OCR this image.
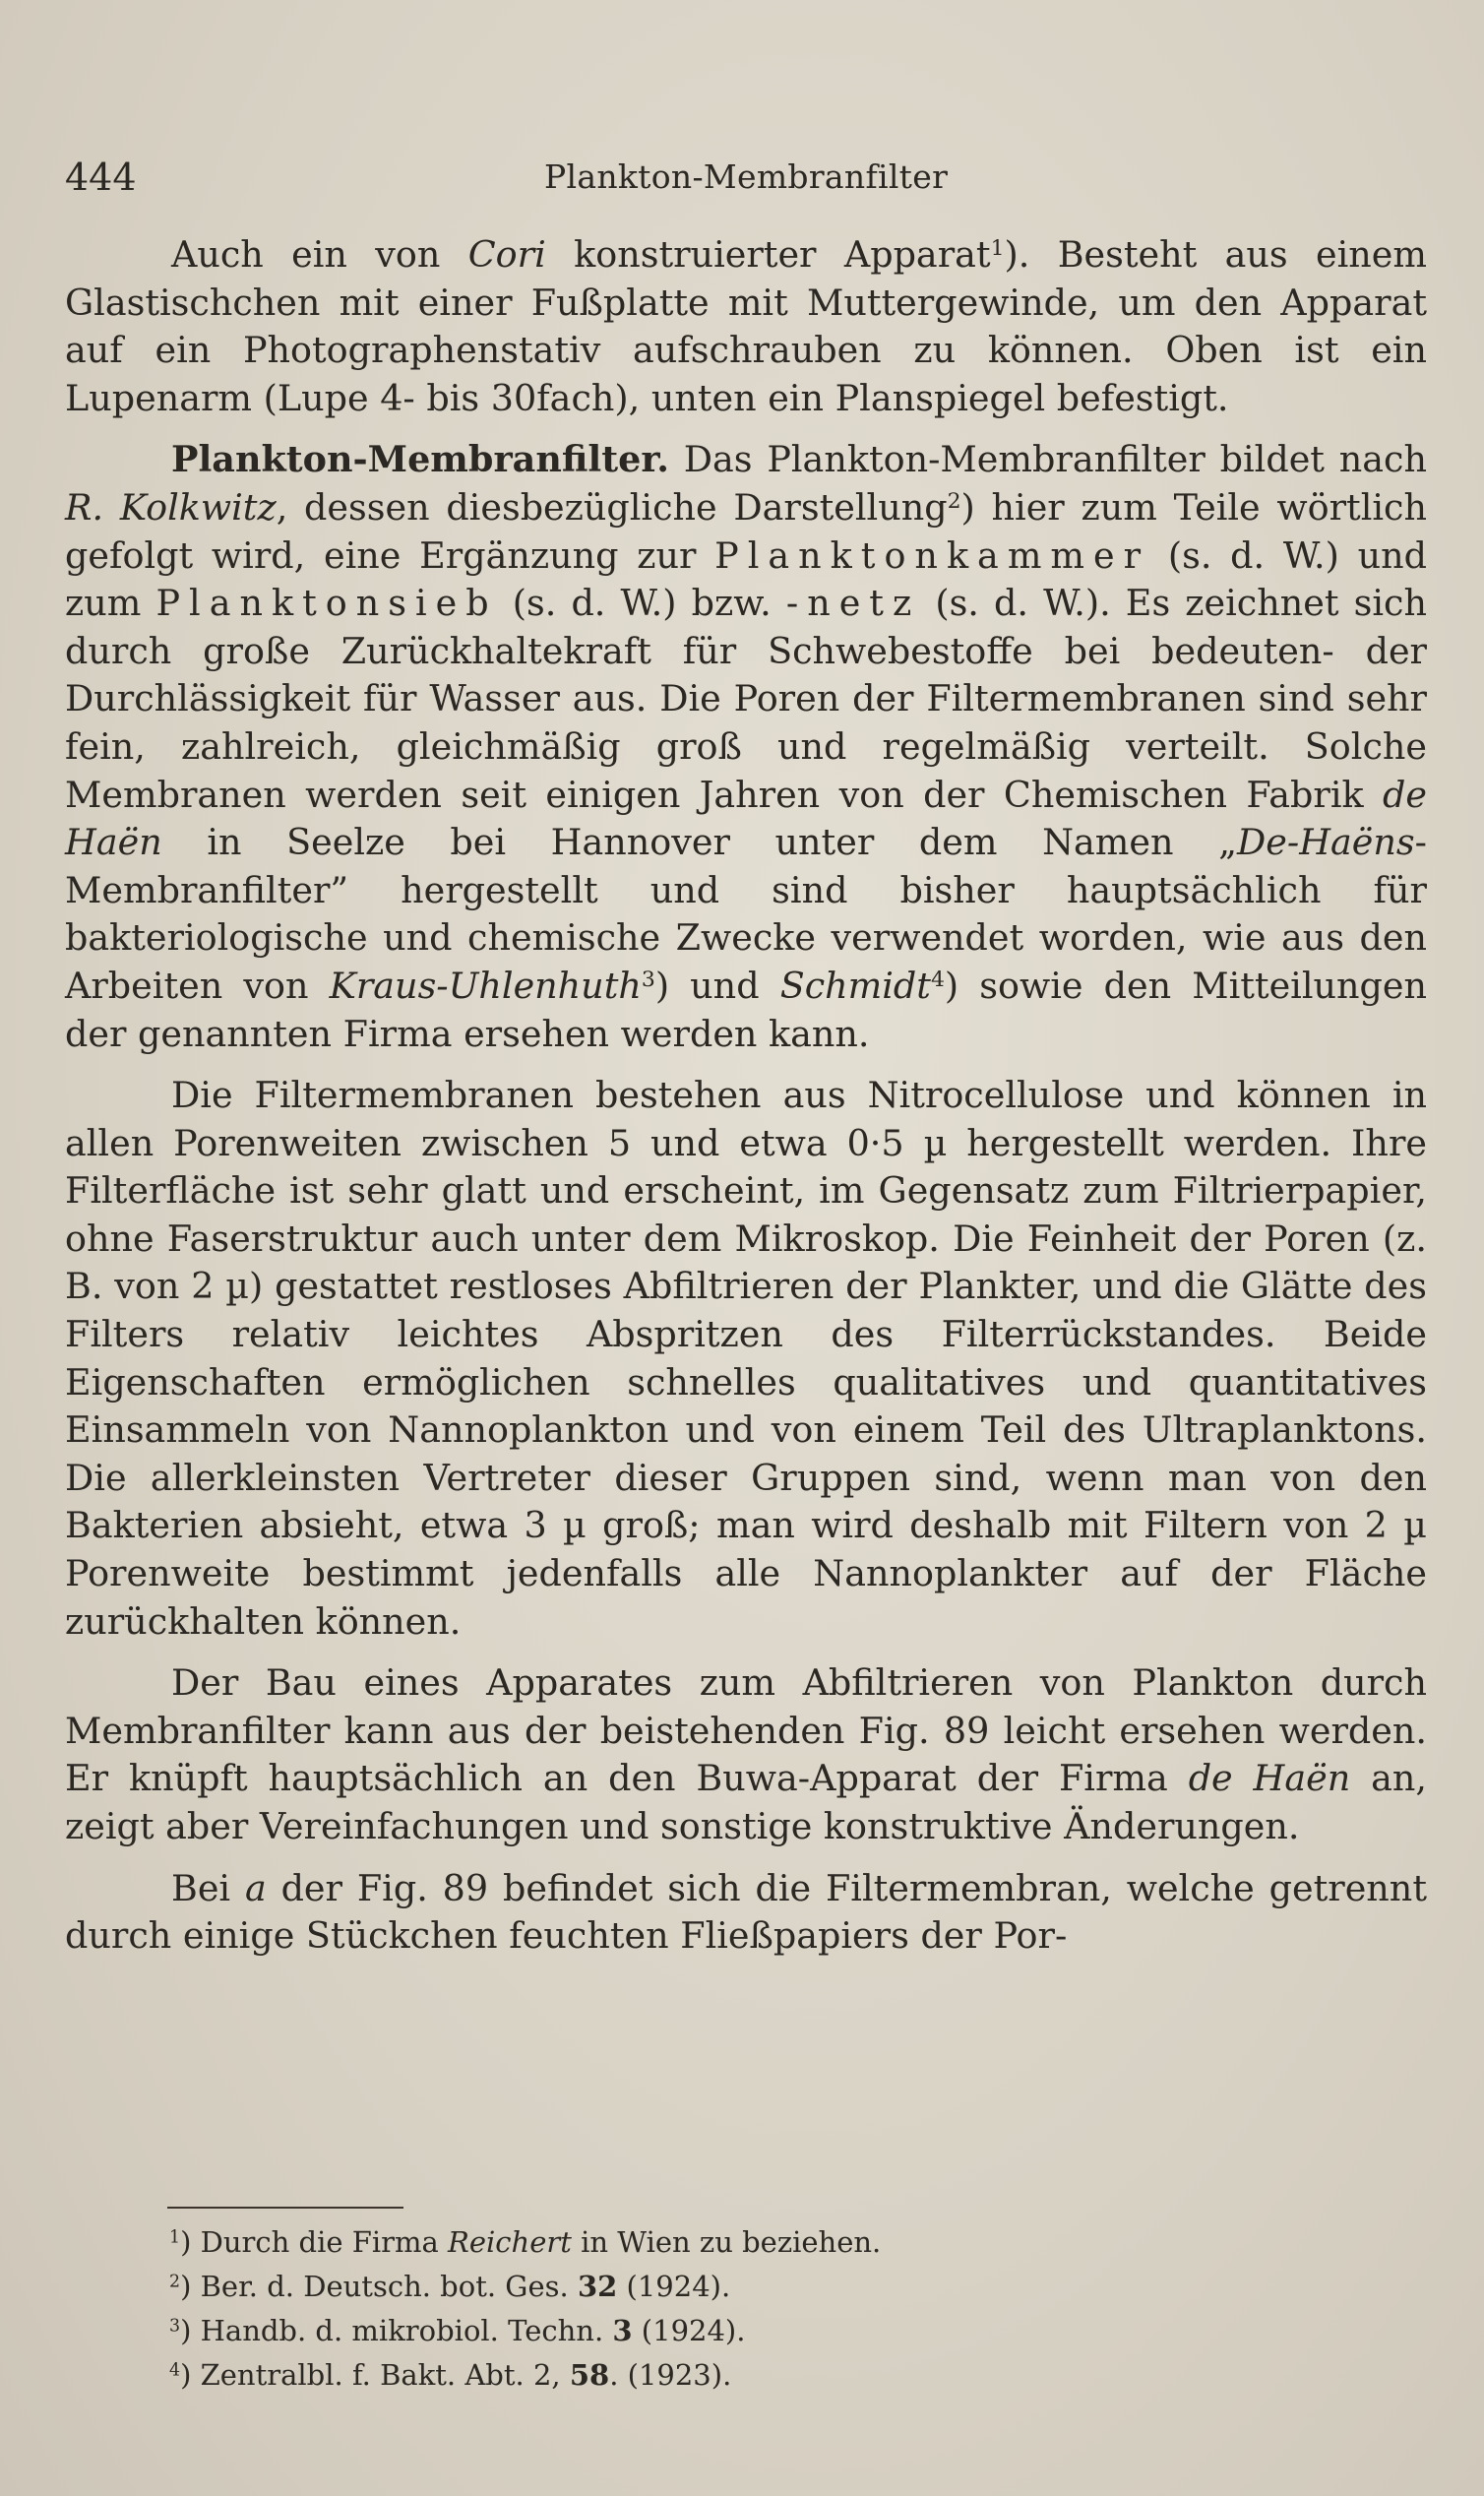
444	Plankton-Membranfilter

Auch ein von Cori konstruierter Apparat$^1$). Besteht aus einem Glastischchen mit einer Fußplatte mit Muttergewinde, um den Apparat auf ein Photographenstativ aufschrauben zu können. Oben ist ein Lupenarm (Lupe 4- bis 30fach), unten ein Planspiegel befestigt.

Plankton-Membranfilter. Das Plankton-Membranfilter bildet nach R. Kolkwitz, dessen diesbezügliche Darstellung$^2$) hier zum Teile wörtlich gefolgt wird, eine Ergänzung zur Planktonkammer (s. d. W.) und zum Planktonsieb (s. d. W.) bzw. -netz (s. d. W.). Es zeichnet sich durch große Zurückhaltekraft für Schwebestoffe bei bedeuten- der Durchlässigkeit für Wasser aus. Die Poren der Filtermembranen sind sehr fein, zahlreich, gleichmäßig groß und regelmäßig verteilt. Solche Membranen werden seit einigen Jahren von der Chemischen Fabrik de Haën in Seelze bei Hannover unter dem Namen „De-Haëns-Membranfilter” hergestellt und sind bisher hauptsächlich für bakteriologische und chemische Zwecke verwendet worden, wie aus den Arbeiten von Kraus-Uhlenhuth$^3$) und Schmidt$^4$) sowie den Mitteilungen der genannten Firma ersehen werden kann.

Die Filtermembranen bestehen aus Nitrocellulose und können in allen Porenweiten zwischen 5 und etwa 0·5 µ hergestellt werden. Ihre Filterfläche ist sehr glatt und erscheint, im Gegensatz zum Filtrierpapier, ohne Faserstruktur auch unter dem Mikroskop. Die Feinheit der Poren (z. B. von 2 µ) gestattet restloses Abfiltrieren der Plankter, und die Glätte des Filters relativ leichtes Abspritzen des Filterrückstandes. Beide Eigenschaften ermöglichen schnelles qualitatives und quantitatives Einsammeln von Nannoplankton und von einem Teil des Ultraplanktons. Die allerkleinsten Vertreter dieser Gruppen sind, wenn man von den Bakterien absieht, etwa 3 µ groß; man wird deshalb mit Filtern von 2 µ Porenweite bestimmt jedenfalls alle Nannoplankter auf der Fläche zurückhalten können.

Der Bau eines Apparates zum Abfiltrieren von Plankton durch Membranfilter kann aus der beistehenden Fig. 89 leicht ersehen werden. Er knüpft hauptsächlich an den Buwa-Apparat der Firma de Haën an, zeigt aber Vereinfachungen und sonstige konstruktive Änderungen.

Bei a der Fig. 89 befindet sich die Filtermembran, welche getrennt durch einige Stückchen feuchten Fließpapiers der Por-

$^1$) Durch die Firma Reichert in Wien zu beziehen.
$^2$) Ber. d. Deutsch. bot. Ges. 32 (1924).
$^3$) Handb. d. mikrobiol. Techn. 3 (1924).
$^4$) Zentralbl. f. Bakt. Abt. 2, 58. (1923).
